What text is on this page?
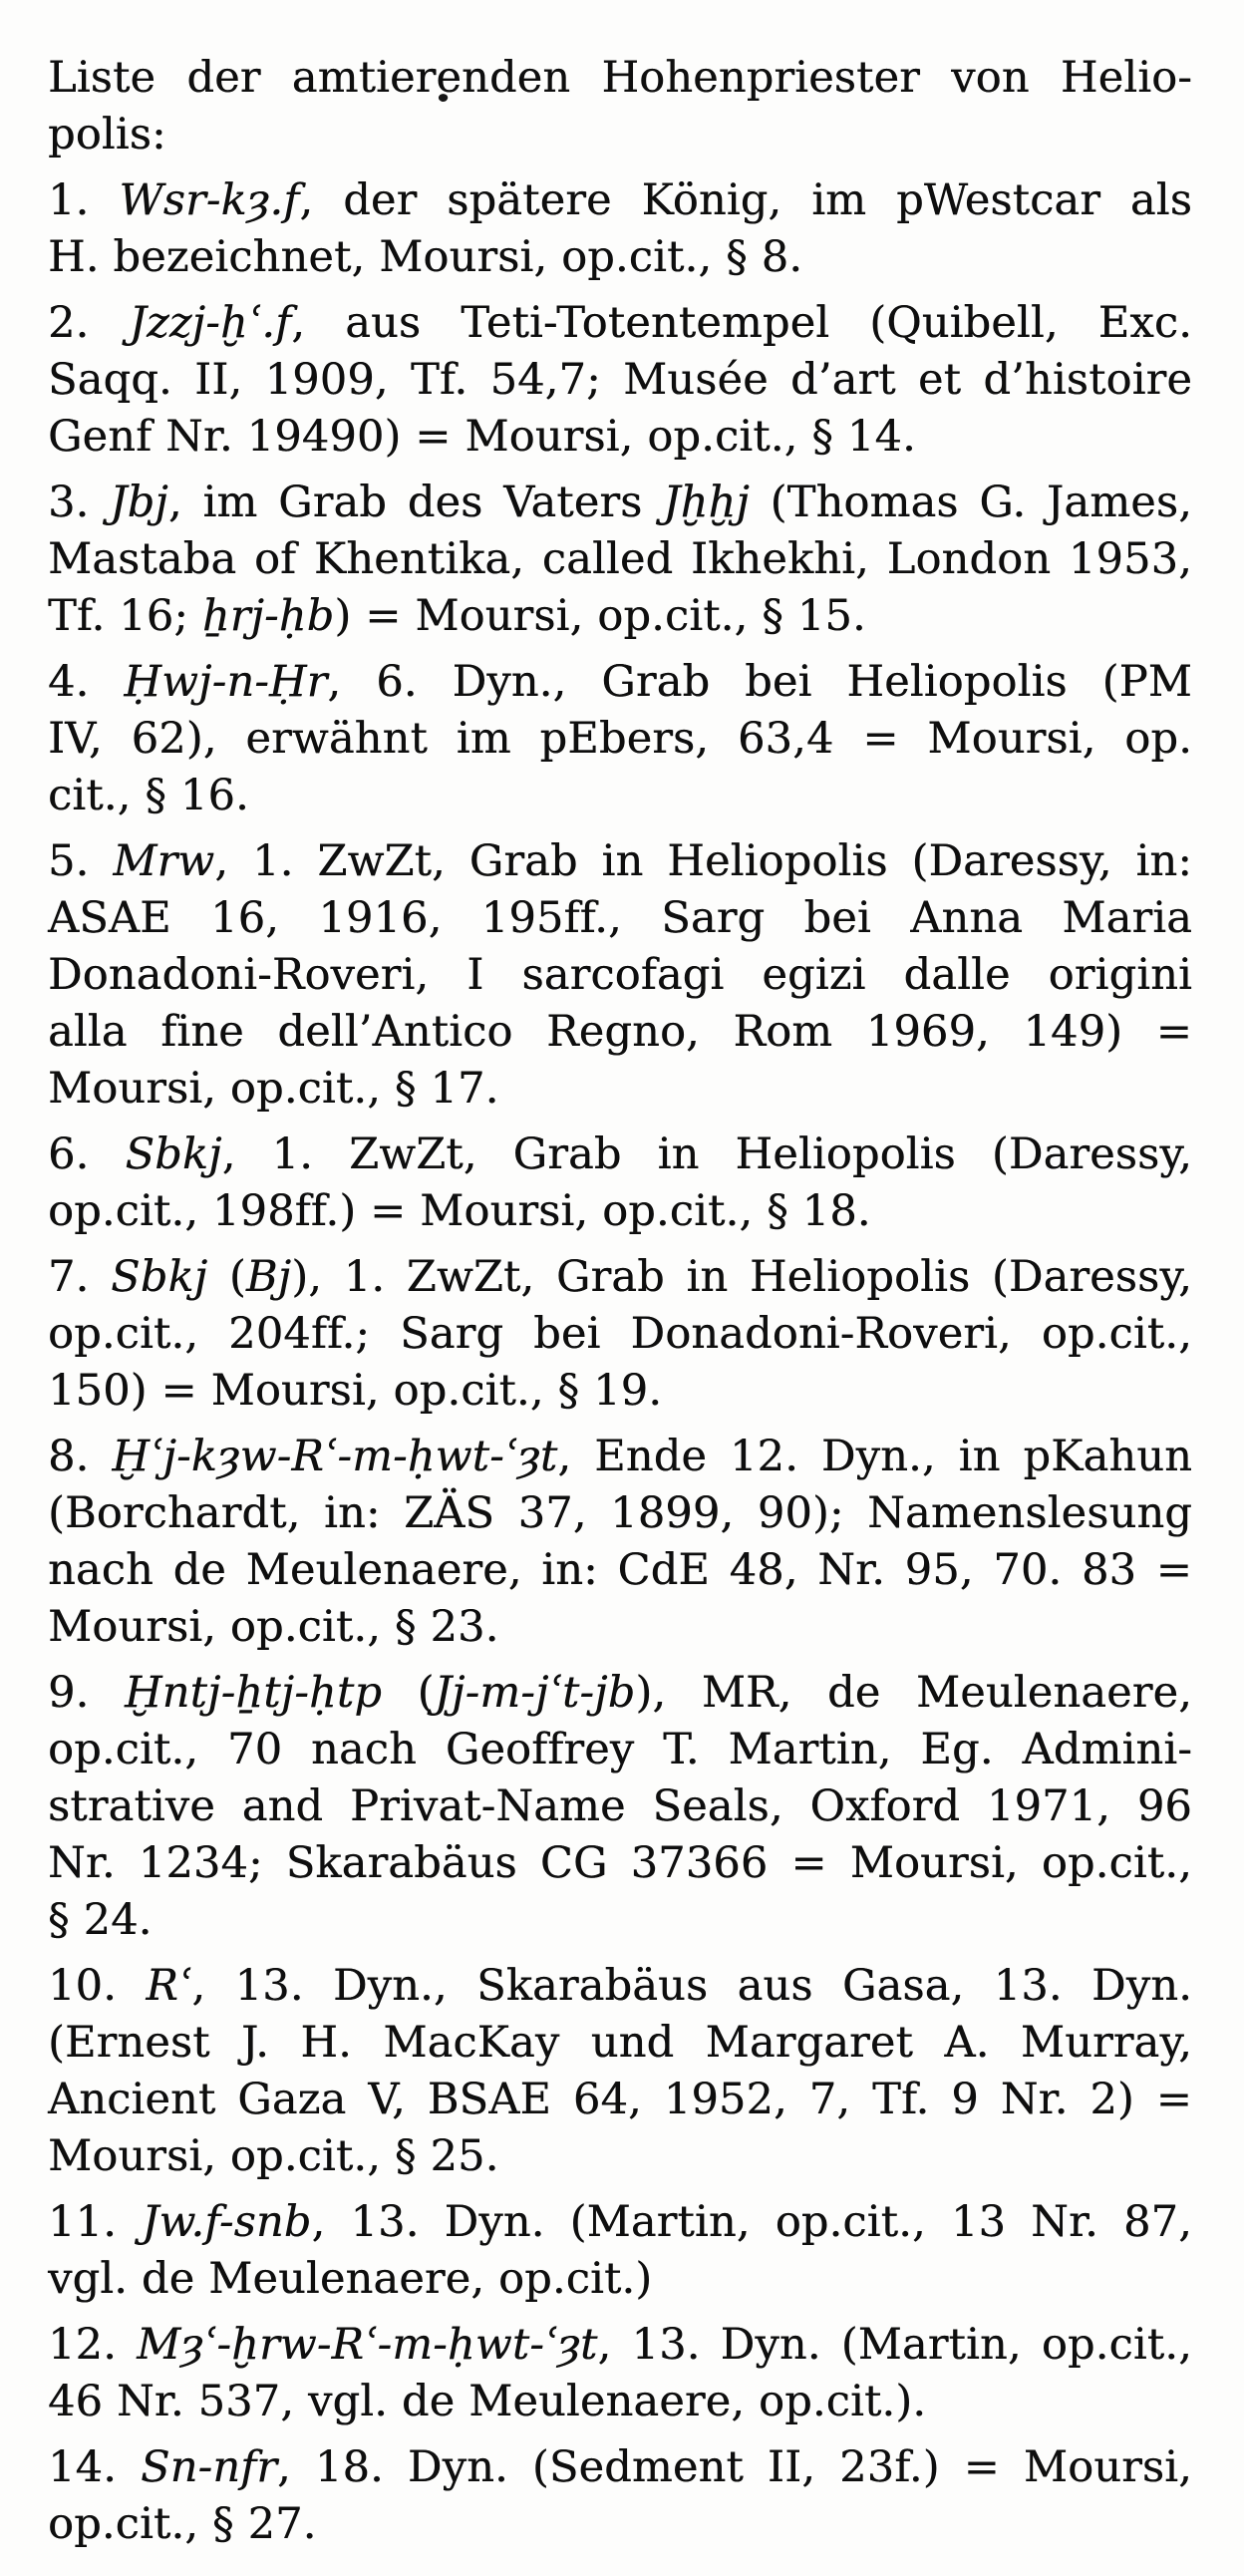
Liste der amtierenden Hohenpriester von Helio-
polis:
1. Wsr-kȝ.f, der spätere König, im pWestcar als
H. bezeichnet, Moursi, op.cit., § 8.
2. Jzzj-ḫʿ.f, aus Teti-Totentempel (Quibell, Exc.
Saqq. II, 1909, Tf. 54,7; Musée d’art et d’histoire
Genf Nr. 19490) = Moursi, op.cit., § 14.
3. Jbj, im Grab des Vaters Jḫḫj (Thomas G. James,
Mastaba of Khentika, called Ikhekhi, London 1953,
Tf. 16; ẖrj-ḥb) = Moursi, op.cit., § 15.
4. Ḥwj-n-Ḥr, 6. Dyn., Grab bei Heliopolis (PM
IV, 62), erwähnt im pEbers, 63,4 = Moursi, op.
cit., § 16.
5. Mrw, 1. ZwZt, Grab in Heliopolis (Daressy, in:
ASAE 16, 1916, 195ff., Sarg bei Anna Maria
Donadoni-Roveri, I sarcofagi egizi dalle origini
alla fine dell’Antico Regno, Rom 1969, 149) =
Moursi, op.cit., § 17.
6. Sbkj, 1. ZwZt, Grab in Heliopolis (Daressy,
op.cit., 198ff.) = Moursi, op.cit., § 18.
7. Sbkj (Bj), 1. ZwZt, Grab in Heliopolis (Daressy,
op.cit., 204ff.; Sarg bei Donadoni-Roveri, op.cit.,
150) = Moursi, op.cit., § 19.
8. Ḫʿj-kȝw-Rʿ-m-ḥwt-ʿȝt, Ende 12. Dyn., in pKahun
(Borchardt, in: ZÄS 37, 1899, 90); Namenslesung
nach de Meulenaere, in: CdE 48, Nr. 95, 70. 83 =
Moursi, op.cit., § 23.
9. Ḫntj-ẖtj-ḥtp (Jj-m-jʿt-jb), MR, de Meulenaere,
op.cit., 70 nach Geoffrey T. Martin, Eg. Admini-
strative and Privat-Name Seals, Oxford 1971, 96
Nr. 1234; Skarabäus CG 37366 = Moursi, op.cit.,
§ 24.
10. Rʿ, 13. Dyn., Skarabäus aus Gasa, 13. Dyn.
(Ernest J. H. MacKay und Margaret A. Murray,
Ancient Gaza V, BSAE 64, 1952, 7, Tf. 9 Nr. 2) =
Moursi, op.cit., § 25.
11. Jw.f-snb, 13. Dyn. (Martin, op.cit., 13 Nr. 87,
vgl. de Meulenaere, op.cit.)
12. Mȝʿ-ḫrw-Rʿ-m-ḥwt-ʿȝt, 13. Dyn. (Martin, op.cit.,
46 Nr. 537, vgl. de Meulenaere, op.cit.).
14. Sn-nfr, 18. Dyn. (Sedment II, 23f.) = Moursi,
op.cit., § 27.
